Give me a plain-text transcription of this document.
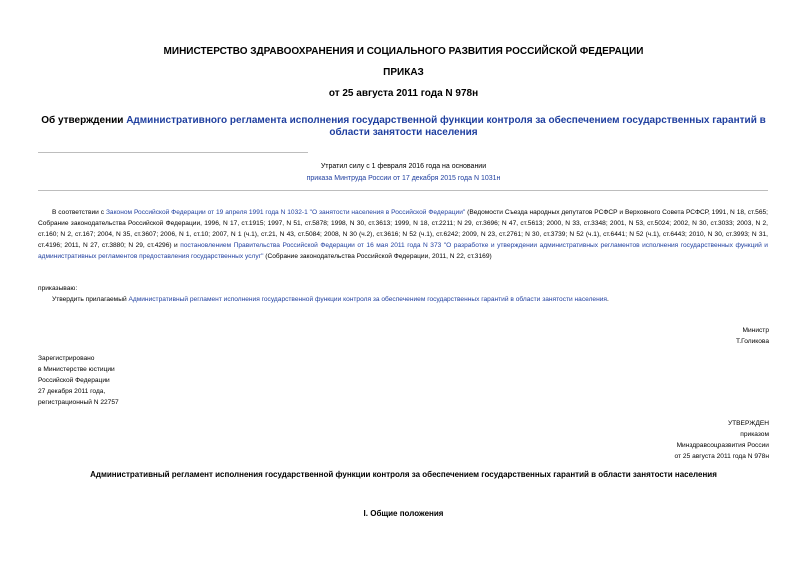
МИНИСТЕРСТВО ЗДРАВООХРАНЕНИЯ И СОЦИАЛЬНОГО РАЗВИТИЯ РОССИЙСКОЙ ФЕДЕРАЦИИ
ПРИКАЗ
от 25 августа 2011 года N 978н
Об утверждении Административного регламента исполнения государственной функции контроля за обеспечением государственных гарантий в области занятости населения
Утратил силу с 1 февраля 2016 года на основании
приказа Минтруда России от 17 декабря 2015 года N 1031н
В соответствии с Законом Российской Федерации от 19 апреля 1991 года N 1032-1 "О занятости населения в Российской Федерации" (Ведомости Съезда народных депутатов РСФСР и Верховного Совета РСФСР, 1991, N 18, ст.565; Собрание законодательства Российской Федерации, 1996, N 17, ст.1915; 1997, N 51, ст.5878; 1998, N 30, ст.3613; 1999, N 18, ст.2211; N 29, ст.3696; N 47, ст.5613; 2000, N 33, ст.3348; 2001, N 53, ст.5024; 2002, N 30, ст.3033; 2003, N 2, ст.160; N 2, ст.167; 2004, N 35, ст.3607; 2006, N 1, ст.10; 2007, N 1 (ч.1), ст.21, N 43, ст.5084; 2008, N 30 (ч.2), ст.3616; N 52 (ч.1), ст.6242; 2009, N 23, ст.2761; N 30, ст.3739; N 52 (ч.1), ст.6441; N 52 (ч.1), ст.6443; 2010, N 30, ст.3993; N 31, ст.4196; 2011, N 27, ст.3880; N 29, ст.4296) и постановлением Правительства Российской Федерации от 16 мая 2011 года N 373 "О разработке и утверждении административных регламентов исполнения государственных функций и административных регламентов предоставления государственных услуг" (Собрание законодательства Российской Федерации, 2011, N 22, ст.3169)
приказываю:
Утвердить прилагаемый Административный регламент исполнения государственной функции контроля за обеспечением государственных гарантий в области занятости населения.
Министр
Т.Голикова
Зарегистрировано
в Министерстве юстиции
Российской Федерации
27 декабря 2011 года,
регистрационный N 22757
УТВЕРЖДЕН
приказом
Минздравсоцразвития России
от 25 августа 2011 года N 978н
Административный регламент исполнения государственной функции контроля за обеспечением государственных гарантий в области занятости населения
I. Общие положения
